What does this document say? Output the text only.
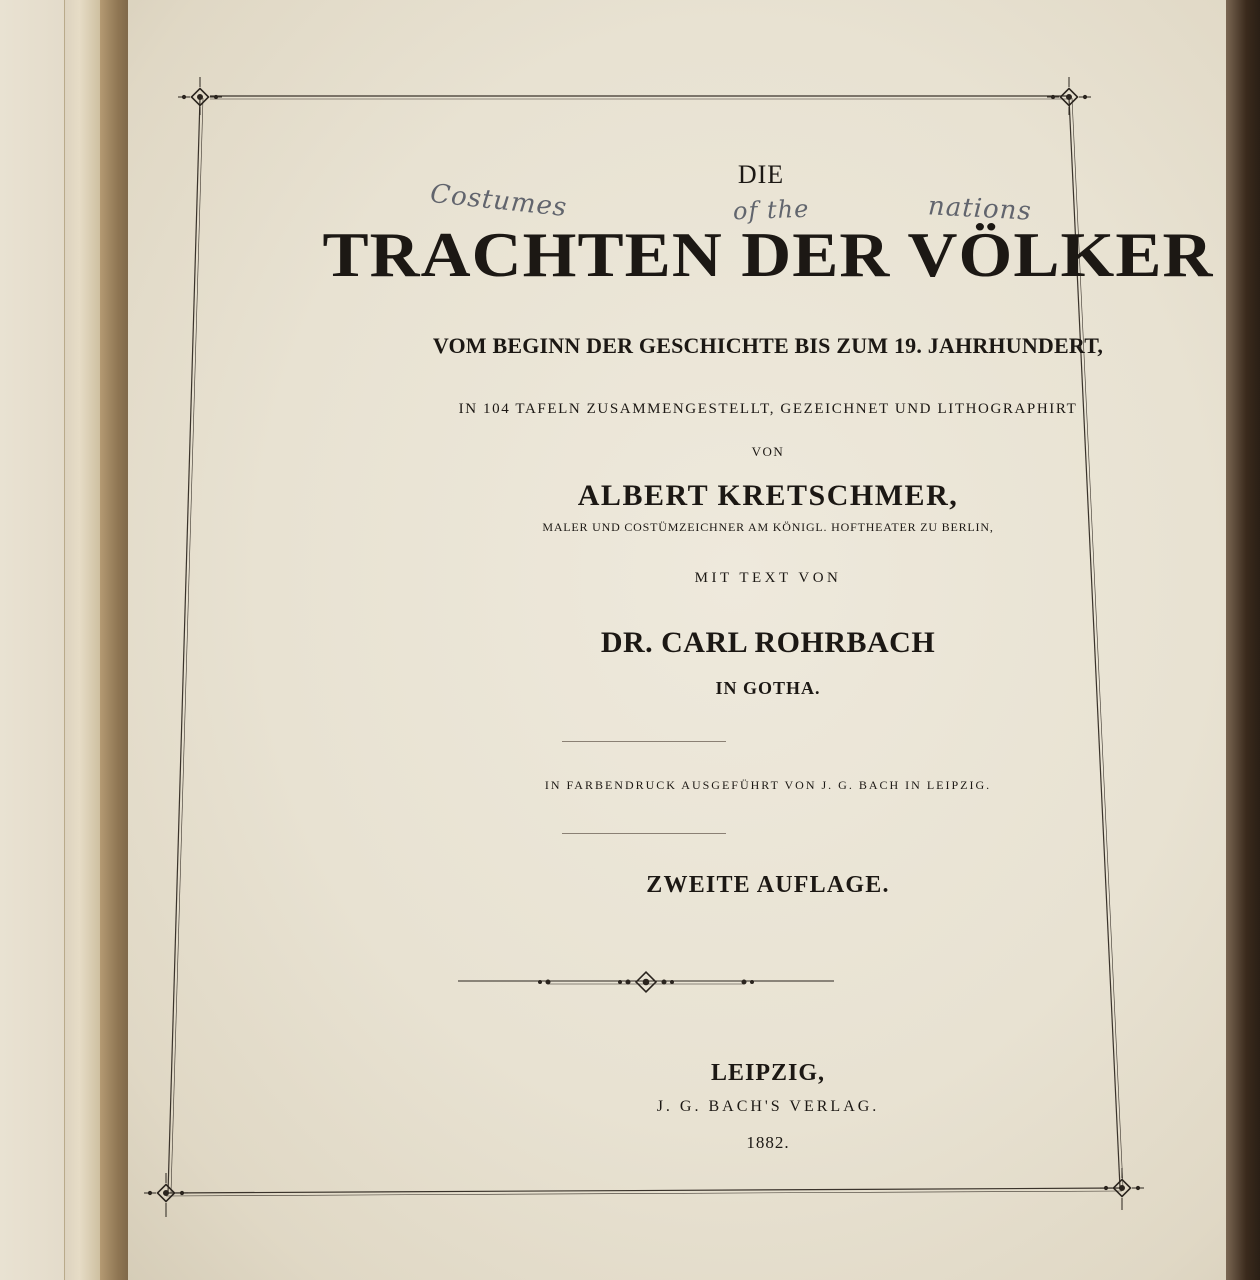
DIE

TRACHTEN DER VÖLKER

VOM BEGINN DER GESCHICHTE BIS ZUM 19. JAHRHUNDERT,

IN 104 TAFELN ZUSAMMENGESTELLT, GEZEICHNET UND LITHOGRAPHIRT

VON

ALBERT KRETSCHMER,

MALER UND COSTÜMZEICHNER AM KÖNIGL. HOFTHEATER ZU BERLIN,

MIT TEXT VON

DR. CARL ROHRBACH

IN GOTHA.

IN FARBENDRUCK AUSGEFÜHRT VON J. G. BACH IN LEIPZIG.

ZWEITE AUFLAGE.

LEIPZIG,

J. G. BACH'S VERLAG.

1882.

Costumes	of the	nations
